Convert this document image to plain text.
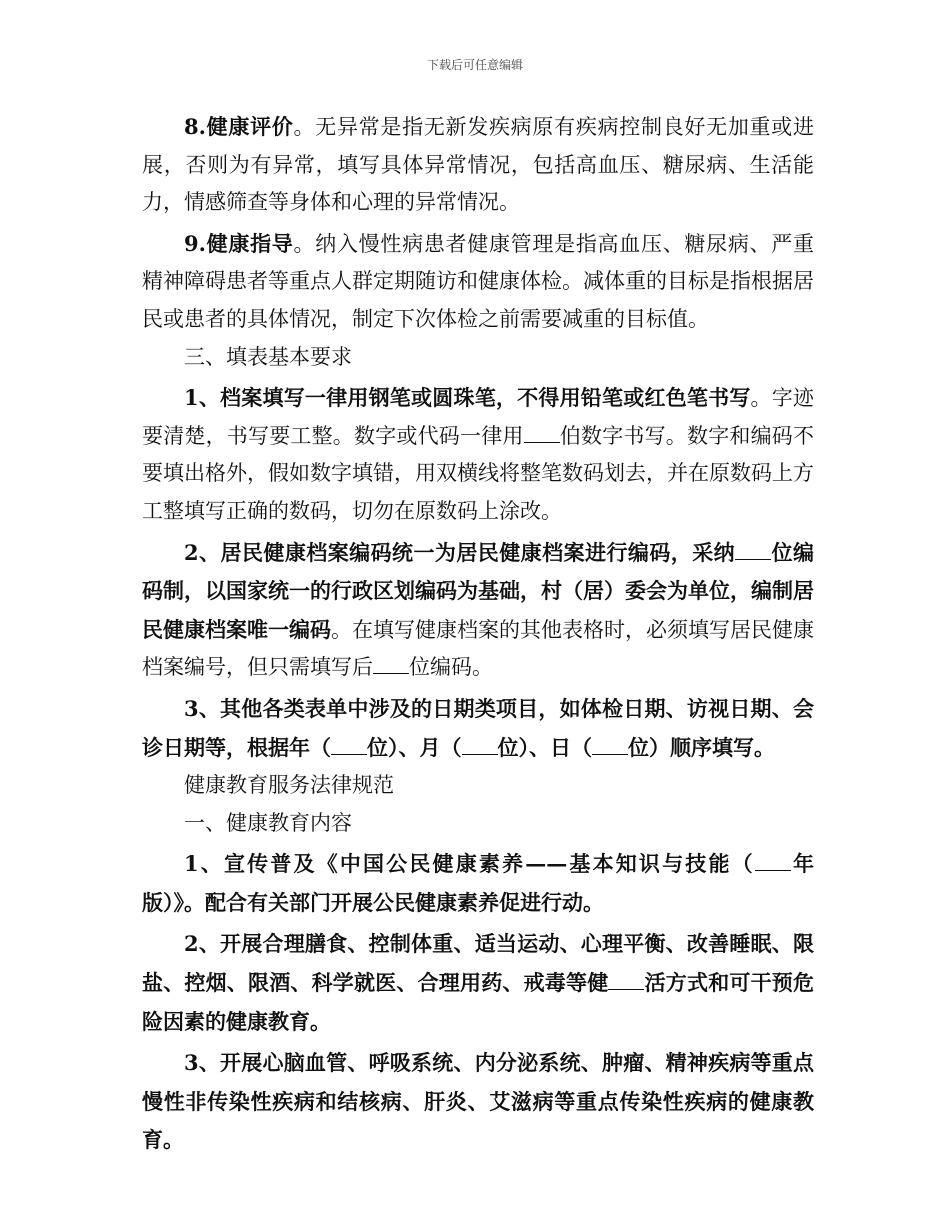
下载后可任意编辑

8.健康评价。无异常是指无新发疾病原有疾病控制良好无加重或进展，否则为有异常，填写具体异常情况，包括高血压、糖尿病、生活能力，情感筛查等身体和心理的异常情况。

9.健康指导。纳入慢性病患者健康管理是指高血压、糖尿病、严重精神障碍患者等重点人群定期随访和健康体检。减体重的目标是指根据居民或患者的具体情况，制定下次体检之前需要减重的目标值。

三、填表基本要求

1、档案填写一律用钢笔或圆珠笔，不得用铅笔或红色笔书写。字迹要清楚，书写要工整。数字或代码一律用 伯数字书写。数字和编码不要填出格外，假如数字填错，用双横线将整笔数码划去，并在原数码上方工整填写正确的数码，切勿在原数码上涂改。

2、居民健康档案编码统一为居民健康档案进行编码，采纳 位编码制，以国家统一的行政区划编码为基础，村（居）委会为单位，编制居民健康档案唯一编码。在填写健康档案的其他表格时，必须填写居民健康档案编号，但只需填写后 位编码。

3、其他各类表单中涉及的日期类项目，如体检日期、访视日期、会诊日期等，根据年（ 位）、月（ 位）、日（ 位）顺序填写。

健康教育服务法律规范

一、健康教育内容

1、宣传普及《中国公民健康素养——基本知识与技能（ 年版）》。配合有关部门开展公民健康素养促进行动。

2、开展合理膳食、控制体重、适当运动、心理平衡、改善睡眠、限盐、控烟、限酒、科学就医、合理用药、戒毒等健 活方式和可干预危险因素的健康教育。

3、开展心脑血管、呼吸系统、内分泌系统、肿瘤、精神疾病等重点慢性非传染性疾病和结核病、肝炎、艾滋病等重点传染性疾病的健康教育。
